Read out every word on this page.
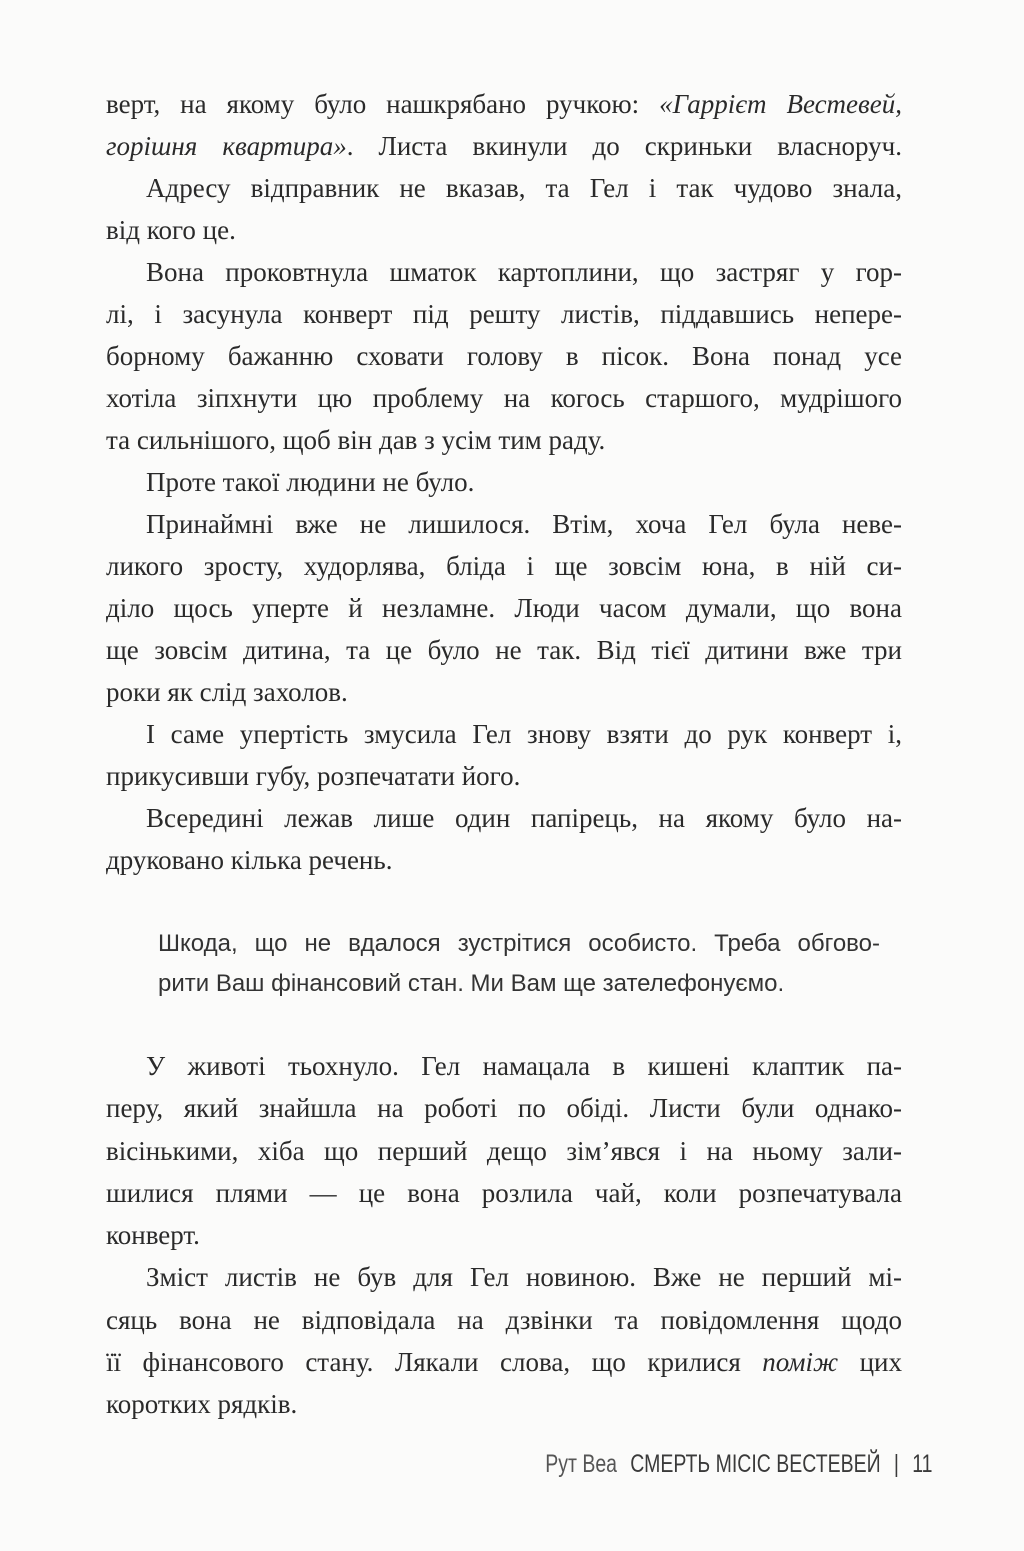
верт, на якому було нашкрябано ручкою: «Гаррієт Вестевей,
горішня квартира». Листа вкинули до скриньки власноруч.
Адресу відправник не вказав, та Гел і так чудово знала,
від кого це.
Вона проковтнула шматок картоплини, що застряг у гор-
лі, і засунула конверт під решту листів, піддавшись непере-
борному бажанню сховати голову в пісок. Вона понад усе
хотіла зіпхнути цю проблему на когось старшого, мудрішого
та сильнішого, щоб він дав з усім тим раду.
Проте такої людини не було.
Принаймні вже не лишилося. Втім, хоча Гел була неве-
ликого зросту, худорлява, бліда і ще зовсім юна, в ній си-
діло щось уперте й незламне. Люди часом думали, що вона
ще зовсім дитина, та це було не так. Від тієї дитини вже три
роки як слід захолов.
І саме упертість змусила Гел знову взяти до рук конверт і,
прикусивши губу, розпечатати його.
Всередині лежав лише один папірець, на якому було на-
друковано кілька речень.
Шкода, що не вдалося зустрітися особисто. Треба обгово-
рити Ваш фінансовий стан. Ми Вам ще зателефонуємо.
У животі тьохнуло. Гел намацала в кишені клаптик па-
перу, який знайшла на роботі по обіді. Листи були однако-
вісінькими, хіба що перший дещо зім’явся і на ньому зали-
шилися плями — це вона розлила чай, коли розпечатувала
конверт.
Зміст листів не був для Гел новиною. Вже не перший мі-
сяць вона не відповідала на дзвінки та повідомлення щодо
її фінансового стану. Лякали слова, що крилися поміж цих
коротких рядків.
Рут Веа СМЕРТЬ МІСІС ВЕСТЕВЕЙ | 11
